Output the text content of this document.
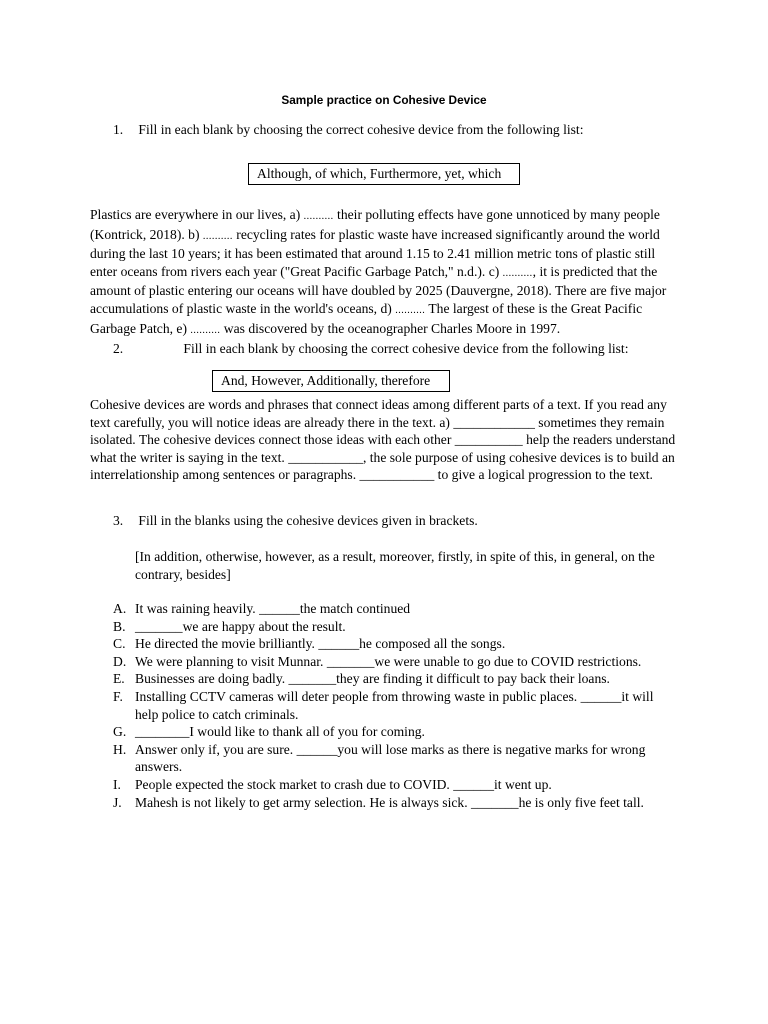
Sample practice on Cohesive Device
1. Fill in each blank by choosing the correct cohesive device from the following list:
Although, of which, Furthermore, yet, which
Plastics are everywhere in our lives, a) .......... their polluting effects have gone unnoticed by many people (Kontrick, 2018). b) .......... recycling rates for plastic waste have increased significantly around the world during the last 10 years; it has been estimated that around 1.15 to 2.41 million metric tons of plastic still enter oceans from rivers each year ("Great Pacific Garbage Patch," n.d.). c) .........., it is predicted that the amount of plastic entering our oceans will have doubled by 2025 (Dauvergne, 2018). There are five major accumulations of plastic waste in the world's oceans, d) .......... The largest of these is the Great Pacific Garbage Patch, e) .......... was discovered by the oceanographer Charles Moore in 1997.
2.	Fill in each blank by choosing the correct cohesive device from the following list:
And, However, Additionally, therefore
Cohesive devices are words and phrases that connect ideas among different parts of a text. If you read any text carefully, you will notice ideas are already there in the text. a) ____________ sometimes they remain isolated. The cohesive devices connect those ideas with each other __________ help the readers understand what the writer is saying in the text. ___________, the sole purpose of using cohesive devices is to build an interrelationship among sentences or paragraphs. ___________ to give a logical progression to the text.
3. Fill in the blanks using the cohesive devices given in brackets.
[In addition, otherwise, however, as a result, moreover, firstly, in spite of this, in general, on the contrary, besides]
A. It was raining heavily. ______the match continued
B. _______we are happy about the result.
C. He directed the movie brilliantly. ______he composed all the songs.
D. We were planning to visit Munnar. _______we were unable to go due to COVID restrictions.
E. Businesses are doing badly. _______they are finding it difficult to pay back their loans.
F. Installing CCTV cameras will deter people from throwing waste in public places. ______it will help police to catch criminals.
G. ________I would like to thank all of you for coming.
H. Answer only if, you are sure. ______you will lose marks as there is negative marks for wrong answers.
I. People expected the stock market to crash due to COVID. ______it went up.
J. Mahesh is not likely to get army selection. He is always sick. _______he is only five feet tall.
